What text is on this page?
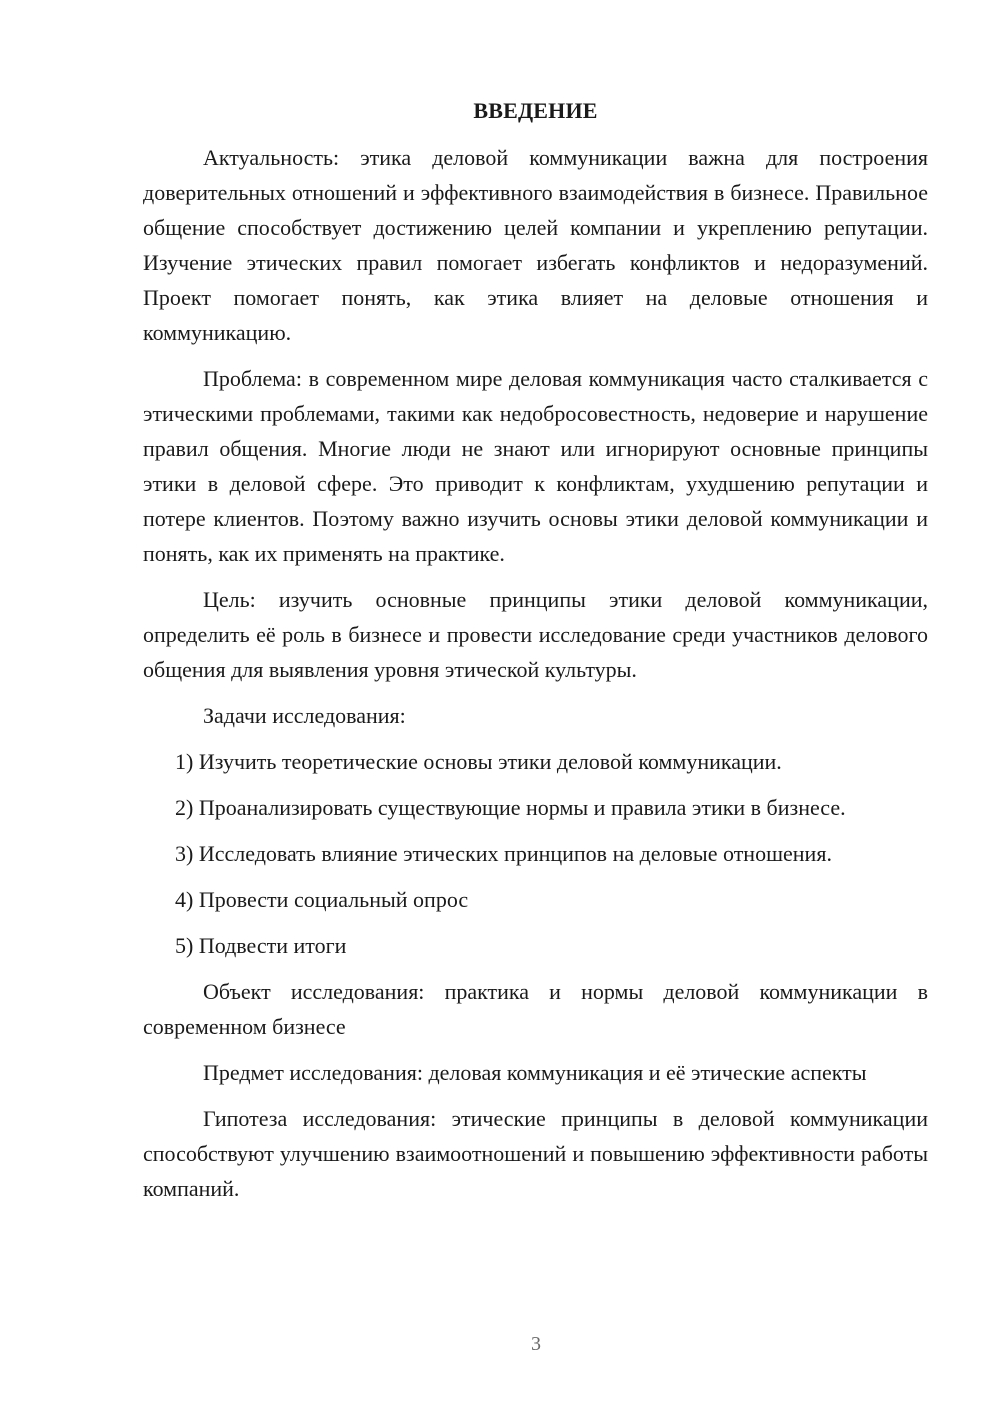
ВВЕДЕНИЕ

Актуальность: этика деловой коммуникации важна для построения доверительных отношений и эффективного взаимодействия в бизнесе. Правильное общение способствует достижению целей компании и укреплению репутации. Изучение этических правил помогает избегать конфликтов и недоразумений. Проект помогает понять, как этика влияет на деловые отношения и коммуникацию.

Проблема: в современном мире деловая коммуникация часто сталкивается с этическими проблемами, такими как недобросовестность, недоверие и нарушение правил общения. Многие люди не знают или игнорируют основные принципы этики в деловой сфере. Это приводит к конфликтам, ухудшению репутации и потере клиентов. Поэтому важно изучить основы этики деловой коммуникации и понять, как их применять на практике.

Цель: изучить основные принципы этики деловой коммуникации, определить её роль в бизнесе и провести исследование среди участников делового общения для выявления уровня этической культуры.

Задачи исследования:

1) Изучить теоретические основы этики деловой коммуникации.

2) Проанализировать существующие нормы и правила этики в бизнесе.

3) Исследовать влияние этических принципов на деловые отношения.

4) Провести социальный опрос

5) Подвести итоги

Объект исследования: практика и нормы деловой коммуникации в современном бизнесе

Предмет исследования: деловая коммуникация и её этические аспекты

Гипотеза исследования: этические принципы в деловой коммуникации способствуют улучшению взаимоотношений и повышению эффективности работы компаний.

3
